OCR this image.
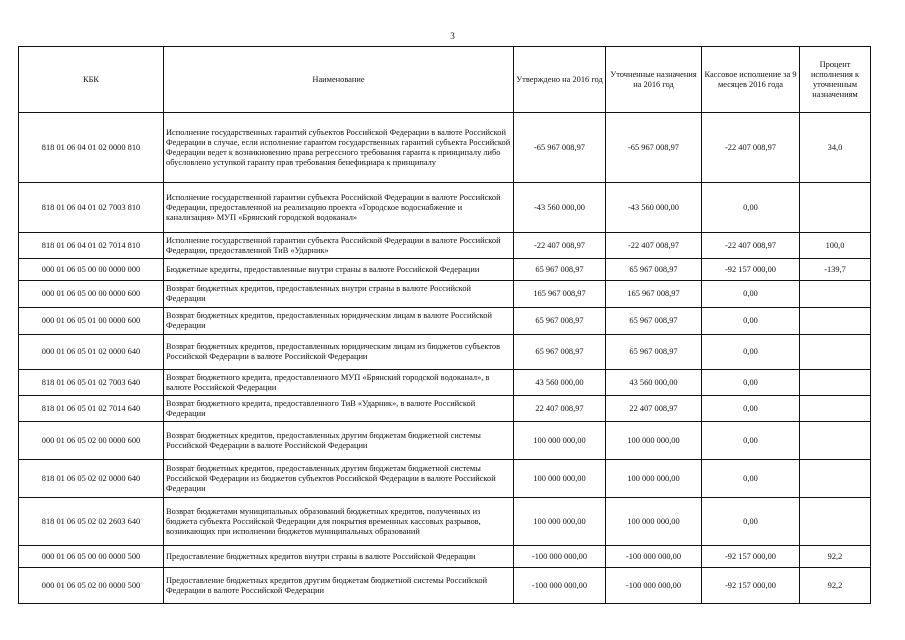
3
КБК	Наименование	Утверждено на 2016 год	Уточненные назначения на 2016 год	Кассовое исполнение за 9 месяцев 2016 года	Процент исполнения к уточненным назначениям
818 01 06 04 01 02 0000 810	Исполнение государственных гарантий субъектов Российской Федерации в валюте Российской Федерации в случае, если исполнение гарантом государственных гарантий субъекта Российской Федерации ведет к возникновению права регрессного требования гаранта к принципалу либо обусловлено уступкой гаранту прав требования бенефициара к принципалу	-65 967 008,97	-65 967 008,97	-22 407 008,97	34,0
818 01 06 04 01 02 7003 810	Исполнение государственной гарантии субъекта Российской Федерации в валюте Российской Федерации, предоставленной на реализацию проекта «Городское водоснабжение и канализация» МУП «Брянский городской водоканал»	-43 560 000,00	-43 560 000,00	0,00	
818 01 06 04 01 02 7014 810	Исполнение государственной гарантии субъекта Российской Федерации в валюте Российской Федерации, предоставленной ТиВ «Ударник»	-22 407 008,97	-22 407 008,97	-22 407 008,97	100,0
000 01 06 05 00 00 0000 000	Бюджетные кредиты, предоставленные внутри страны в валюте Российской Федерации	65 967 008,97	65 967 008,97	-92 157 000,00	-139,7
000 01 06 05 00 00 0000 600	Возврат бюджетных кредитов, предоставленных внутри страны в валюте Российской Федерации	165 967 008,97	165 967 008,97	0,00	
000 01 06 05 01 00 0000 600	Возврат бюджетных кредитов, предоставленных юридическим лицам в валюте Российской Федерации	65 967 008,97	65 967 008,97	0,00	
000 01 06 05 01 02 0000 640	Возврат бюджетных кредитов, предоставленных юридическим лицам из бюджетов субъектов Российской Федерации в валюте Российской Федерации	65 967 008,97	65 967 008,97	0,00	
818 01 06 05 01 02 7003 640	Возврат бюджетного кредита, предоставленного МУП «Брянский городской водоканал», в валюте Российской Федерации	43 560 000,00	43 560 000,00	0,00	
818 01 06 05 01 02 7014 640	Возврат бюджетного кредита, предоставленного ТиВ «Ударник», в валюте Российской Федерации	22 407 008,97	22 407 008,97	0,00	
000 01 06 05 02 00 0000 600	Возврат бюджетных кредитов, предоставленных другим бюджетам бюджетной системы Российской Федерации в валюте Российской Федерации	100 000 000,00	100 000 000,00	0,00	
818 01 06 05 02 02 0000 640	Возврат бюджетных кредитов, предоставленных другим бюджетам бюджетной системы Российской Федерации из бюджетов субъектов Российской Федерации в валюте Российской Федерации	100 000 000,00	100 000 000,00	0,00	
818 01 06 05 02 02 2603 640	Возврат бюджетами муниципальных образований бюджетных кредитов, полученных из бюджета субъекта Российской Федерации для покрытия временных кассовых разрывов, возникающих при исполнении бюджетов муниципальных образований	100 000 000,00	100 000 000,00	0,00	
000 01 06 05 00 00 0000 500	Предоставление бюджетных кредитов внутри страны в валюте Российской Федерации	-100 000 000,00	-100 000 000,00	-92 157 000,00	92,2
000 01 06 05 02 00 0000 500	Предоставление бюджетных кредитов другим бюджетам бюджетной системы Российской Федерации в валюте Российской Федерации	-100 000 000,00	-100 000 000,00	-92 157 000,00	92,2
